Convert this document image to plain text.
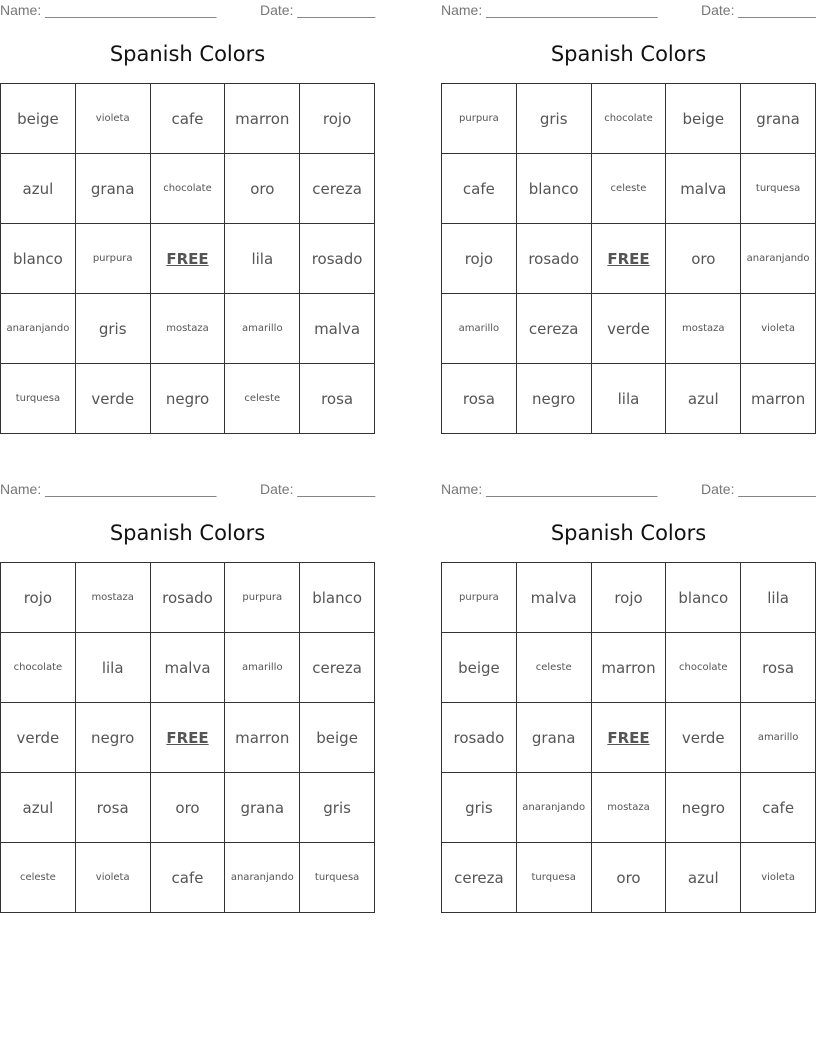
Name: ______________________	Date: __________
Spanish Colors
beige	violeta	cafe	marron	rojo
azul	grana	chocolate	oro	cereza
blanco	purpura	FREE	lila	rosado
anaranjando	gris	mostaza	amarillo	malva
turquesa	verde	negro	celeste	rosa
Name: ______________________	Date: __________
Spanish Colors
purpura	gris	chocolate	beige	grana
cafe	blanco	celeste	malva	turquesa
rojo	rosado	FREE	oro	anaranjando
amarillo	cereza	verde	mostaza	violeta
rosa	negro	lila	azul	marron
Name: ______________________	Date: __________
Spanish Colors
rojo	mostaza	rosado	purpura	blanco
chocolate	lila	malva	amarillo	cereza
verde	negro	FREE	marron	beige
azul	rosa	oro	grana	gris
celeste	violeta	cafe	anaranjando	turquesa
Name: ______________________	Date: __________
Spanish Colors
purpura	malva	rojo	blanco	lila
beige	celeste	marron	chocolate	rosa
rosado	grana	FREE	verde	amarillo
gris	anaranjando	mostaza	negro	cafe
cereza	turquesa	oro	azul	violeta
